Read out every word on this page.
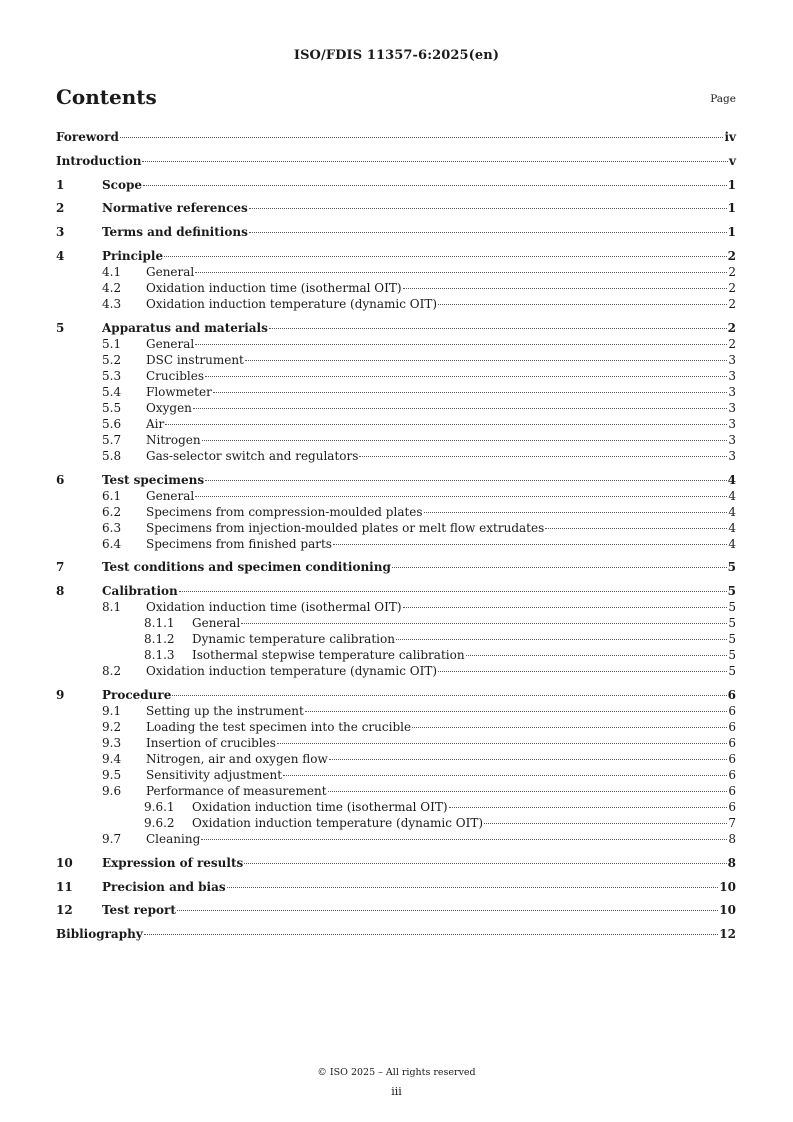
ISO/FDIS 11357-6:2025(en)
Contents	Page
Foreword	iv
Introduction	v
1	Scope	1
2	Normative references	1
3	Terms and definitions	1
4	Principle	2
4.1	General	2
4.2	Oxidation induction time (isothermal OIT)	2
4.3	Oxidation induction temperature (dynamic OIT)	2
5	Apparatus and materials	2
5.1	General	2
5.2	DSC instrument	3
5.3	Crucibles	3
5.4	Flowmeter	3
5.5	Oxygen	3
5.6	Air	3
5.7	Nitrogen	3
5.8	Gas-selector switch and regulators	3
6	Test specimens	4
6.1	General	4
6.2	Specimens from compression-moulded plates	4
6.3	Specimens from injection-moulded plates or melt flow extrudates	4
6.4	Specimens from finished parts	4
7	Test conditions and specimen conditioning	5
8	Calibration	5
8.1	Oxidation induction time (isothermal OIT)	5
8.1.1	General	5
8.1.2	Dynamic temperature calibration	5
8.1.3	Isothermal stepwise temperature calibration	5
8.2	Oxidation induction temperature (dynamic OIT)	5
9	Procedure	6
9.1	Setting up the instrument	6
9.2	Loading the test specimen into the crucible	6
9.3	Insertion of crucibles	6
9.4	Nitrogen, air and oxygen flow	6
9.5	Sensitivity adjustment	6
9.6	Performance of measurement	6
9.6.1	Oxidation induction time (isothermal OIT)	6
9.6.2	Oxidation induction temperature (dynamic OIT)	7
9.7	Cleaning	8
10	Expression of results	8
11	Precision and bias	10
12	Test report	10
Bibliography	12
© ISO 2025 – All rights reserved
iii
